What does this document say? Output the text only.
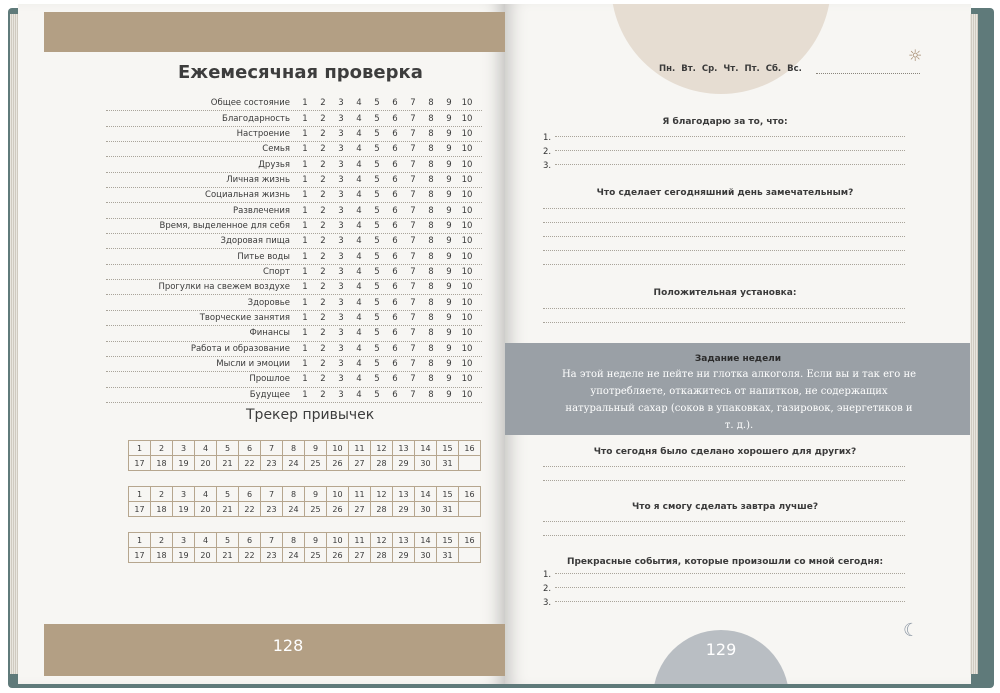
Ежемесячная проверка
Общее состояние	1	2	3	4	5	6	7	8	9	10
Благодарность	1	2	3	4	5	6	7	8	9	10
Настроение	1	2	3	4	5	6	7	8	9	10
Семья	1	2	3	4	5	6	7	8	9	10
Друзья	1	2	3	4	5	6	7	8	9	10
Личная жизнь	1	2	3	4	5	6	7	8	9	10
Социальная жизнь	1	2	3	4	5	6	7	8	9	10
Развлечения	1	2	3	4	5	6	7	8	9	10
Время, выделенное для себя	1	2	3	4	5	6	7	8	9	10
Здоровая пища	1	2	3	4	5	6	7	8	9	10
Питье воды	1	2	3	4	5	6	7	8	9	10
Спорт	1	2	3	4	5	6	7	8	9	10
Прогулки на свежем воздухе	1	2	3	4	5	6	7	8	9	10
Здоровье	1	2	3	4	5	6	7	8	9	10
Творческие занятия	1	2	3	4	5	6	7	8	9	10
Финансы	1	2	3	4	5	6	7	8	9	10
Работа и образование	1	2	3	4	5	6	7	8	9	10
Мысли и эмоции	1	2	3	4	5	6	7	8	9	10
Прошлое	1	2	3	4	5	6	7	8	9	10
Будущее	1	2	3	4	5	6	7	8	9	10
Трекер привычек
1	2	3	4	5	6	7	8	9	10	11	12	13	14	15	16
17	18	19	20	21	22	23	24	25	26	27	28	29	30	31	
1	2	3	4	5	6	7	8	9	10	11	12	13	14	15	16
17	18	19	20	21	22	23	24	25	26	27	28	29	30	31	
1	2	3	4	5	6	7	8	9	10	11	12	13	14	15	16
17	18	19	20	21	22	23	24	25	26	27	28	29	30	31	
128
Пн. Вт. Ср. Чт. Пт. Сб. Вс.
☼
Я благодарю за то, что:
1.
2.
3.
Что сделает сегодняшний день замечательным?
Положительная установка:
Задание недели
На этой неделе не пейте ни глотка алкоголя. Если вы и так его не употребляете, откажитесь от напитков, не содержащих натуральный сахар (соков в упаковках, газировок, энергетиков и т. д.).
Что сегодня было сделано хорошего для других?
Что я смогу сделать завтра лучше?
Прекрасные события, которые произошли со мной сегодня:
1.
2.
3.
129
☾
